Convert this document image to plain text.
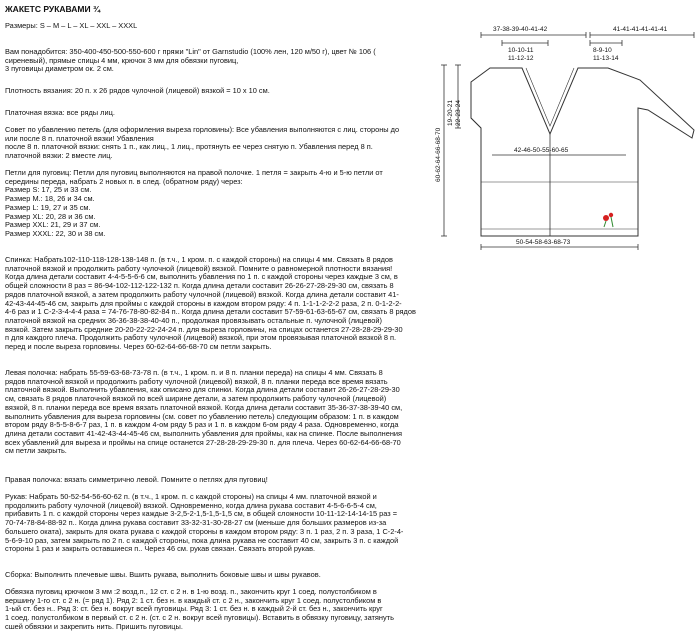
ЖАКЕТС РУКАВАМИ ¾
Размеры: S – M – L – XL – XXL – XXXL
Вам понадобится: 350-400-450-500-550-600 г пряжи "Lin" от Garnstudio (100% лен, 120 м/50 г), цвет № 106 (
сиреневый), прямые спицы 4 мм, крючок 3 мм для обвязки пуговиц,
3 пуговицы диаметром ок. 2 см.
Плотность вязания: 20 п. х 26 рядов чулочной (лицевой) вязкой = 10 х 10 см.
Платочная вязка: все ряды лиц.
Совет по убавлению петель (для оформления выреза горловины): Все убавления выполняются с лиц. стороны до
или после 8 п. платочной вязки! Убавления
после 8 п. платочной вязки: снять 1 п., как лиц., 1 лиц., протянуть ее через снятую п. Убавления перед 8 п.
платочной вязки: 2 вместе лиц.
Петли для пуговиц: Петли для пуговиц выполняются на правой полочке. 1 петля = закрыть 4-ю и 5-ю петли от
середины переда, набрать 2 новых п. в след. (обратном ряду) через:
Размер S: 17, 25 и 33 см.
Размер M.: 18, 26 и 34 см.
Размер L: 19, 27 и 35 см.
Размер XL: 20, 28 и 36 см.
Размер XXL: 21, 29 и 37 см.
Размер XXXL: 22, 30 и 38 см.
Спинка: Набрать102-110-118-128-138-148 п. (в т.ч., 1 кром. п. с каждой стороны) на спицы 4 мм. Связать 8 рядов
платочной вязкой и продолжить работу чулочной (лицевой) вязкой. Помните о равномерной плотности вязания!
Когда длина детали составит 4-4-5-5-6-6 см, выполнить убавления по 1 п. с каждой стороны через каждые 3 см, в
общей сложности 8 раз = 86-94-102-112-122-132 п. Когда длина детали составит 26-26-27-28-29-30 см, связать 8
рядов платочной вязкой, а затем продолжить работу чулочной (лицевой) вязкой. Когда длина детали составит 41-
42-43-44-45-46 см, закрыть для проймы с каждой стороны в каждом втором ряду: 4 п. 1-1-1-2-2-2 раза, 2 п. 0-1-2-2-
4-6 раз и 1 С-2-3-4-4-4 раза = 74-76-78-80-82-84 п.. Когда длина детали составит 57-59-61-63-65-67 см, связать 8 рядов
платочной вязкой на средних 36-36-38-38-40-40 п., продолжая провязывать остальные п. чулочной (лицевой)
вязкой. Затем закрыть средние 20-20-22-22-24-24 п. для выреза горловины, на спицах останется 27-28-28-29-29-30
п для каждого плеча. Продолжить работу чулочной (лицевой) вязкой, при этом провязывая платочной вязкой 8 п.
перед и после выреза горловины. Через 60-62-64-66-68-70 см петли закрыть.
Левая полочка: набрать 55-59-63-68-73-78 п. (в т.ч., 1 кром. п. и 8 п. планки переда) на спицы 4 мм. Связать 8
рядов платочной вязкой и продолжить работу чулочной (лицевой) вязкой, 8 п. планки переда все время вязать
платочной вязкой. Выполнить убавления, как описано для спинки. Когда длина детали составит 26-26-27-28-29-30
см, связать 8 рядов платочной вязкой по всей ширине детали, а затем продолжить работу чулочной (лицевой)
вязкой, 8 п. планки переда все время вязать платочной вязкой. Когда длина детали составит 35-36-37-38-39-40 см,
выполнить убавления для выреза горловины (см. совет по убавлению петель) следующим образом: 1 п. в каждом
втором ряду 8-5-5-8-6-7 раз, 1 п. в каждом 4-ом ряду 5 раз и 1 п. в каждом 6-ом ряду 4 раза. Одновременно, когда
длина детали составит 41-42-43-44-45-46 см, выполнить убавления для проймы, как на спинке. После выполнения
всех убавлений для выреза и проймы на спице останется 27-28-28-29-29-30 п. для плеча. Через 60-62-64-66-68-70
см петли закрыть.
Правая полочка: вязать симметрично левой. Помните о петлях для пуговиц!
Рукав: Набрать 50-52-54-56-60-62 п. (в т.ч., 1 кром. п. с каждой стороны) на спицы 4 мм. платочной вязкой и
продолжить работу чулочной (лицевой) вязкой. Одновременно, когда длина рукава составит 4-5-6-6-5-4 см,
прибавить 1 п. с каждой стороны через каждые 3-2,5-2-1,5-1,5-1,5 см, в общей сложности 10-11-12-14-14-15 раз =
70-74-78-84-88-92 п.. Когда длина рукава составит 33-32-31-30-28-27 см (меньше для больших размеров из-за
большего оката), закрыть для оката рукава с каждой стороны в каждом втором ряду: 3 п. 1 раз, 2 п. 3 раза, 1 С-2-4-
5-6-9-10 раз, затем закрыть по 2 п. с каждой стороны, пока длина рукава не составит 40 см, закрыть 3 п. с каждой
стороны 1 раз и закрыть оставшиеся п.. Через 46 см. рукав связан. Связать второй рукав.
Сборка: Выполнить плечевые швы. Вшить рукава, выполнить боковые швы и швы рукавов.
Обвязка пуговиц крючком 3 мм :2 возд.п., 12 ст. с 2 н. в 1-ю возд. п., закончить круг 1 соед. полустолбиком в
вершину 1-го ст. с 2 н. (= ряд 1). Ряд 2: 1 ст. без н. в каждый ст. с 2 н., закончить круг 1 соед. полустолбиком в
1-ый ст. без н.. Ряд 3: ст. без н. вокруг всей пуговицы. Ряд 3: 1 ст. без н. в каждый 2-й ст. без н., закончить круг
1 соед. полустолбиком в первый ст. с 2 н. (ст. с 2 н. вокруг всей пуговицы). Вставить в обвязку пуговицу, затянуть
сшей обвязки и закрепить нить. Пришить пуговицы.
37-38-39-40-41-42	41-41-41-41-41-41
10-10-11
11-12-12
8-9-10
11-13-14
19-20-21 22-23-24
60-62-64-66-68-70	42-46-50-55-60-65
50-54-58-63-68-73
